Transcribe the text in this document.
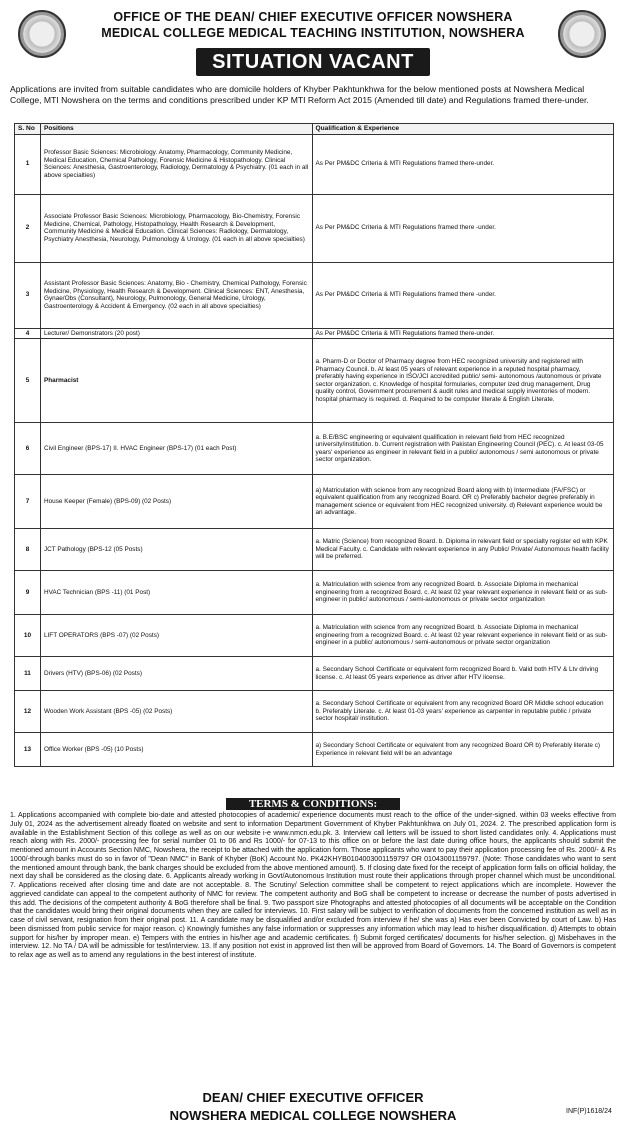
OFFICE OF THE DEAN/ CHIEF EXECUTIVE OFFICER NOWSHERA
MEDICAL COLLEGE MEDICAL TEACHING INSTITUTION, NOWSHERA
SITUATION VACANT
Applications are invited from suitable candidates who are domicile holders of Khyber Pakhtunkhwa for the below mentioned posts at Nowshera Medical College, MTI Nowshera on the terms and conditions prescribed under KP MTI Reform Act 2015 (Amended till date) and Regulations framed there-under.
S. No	Positions	Qualification & Experience
1	Professor Basic Sciences: Microbiology. Anatomy, Pharmacology, Community Medicine, Medical Education, Chemical Pathology, Forensic Medicine & Histopathology. Clinical Sciences: Anesthesia, Gastroenterology, Radiology, Dermatology & Psychiatry. (01 each in all above specialties)	As Per PM&DC Criteria & MTI Regulations framed there-under.
2	Associate Professor Basic Sciences: Microbiology, Pharmacology, Bio-Chemistry, Forensic Medicine, Chemical, Pathology, Histopathology, Health Research & Development, Community Medicine & Medical Education. Clinical Sciences: Radiology, Dermatology, Psychiatry Anesthesia, Neurology, Pulmonology & Urology. (01 each in all above specialties)	As Per PM&DC Criteria & MTI Regulations framed there -under.
3	Assistant Professor Basic Sciences: Anatomy, Bio - Chemistry, Chemical Pathology, Forensic Medicine, Physiology, Health Research & Development. Clinical Sciences: ENT, Anesthesia, Gynae/Obs (Consultant), Neurology, Pulmonology, General Medicine, Urology, Gastroenterology & Accident & Emergency. (02 each in all above specialties)	As Per PM&DC Criteria & MTI Regulations framed there -under.
4	Lecturer/ Demonstrators (20 post)	As Per PM&DC Criteria & MTI Regulations framed there-under.
5	Pharmacist	a. Pharm-D or Doctor of Pharmacy degree from HEC recognized university and registered with Pharmacy Council. b. At least 05 years of relevant experience in a reputed hospital pharmacy, preferably having experience in ISO/JCI accredited public/ semi- autonomous /autonomous or private sector organization. c. Knowledge of hospital formularies, computer ized drug management, Drug quality control, Government procurement & audit rules and medical supply inventories of modern. hospital pharmacy is required. d. Required to be computer literate & English Literate.
6	Civil Engineer (BPS-17) II. HVAC Engineer (BPS-17) (01 each Post)	a. B.E/BSC engineering or equivalent qualification in relevant field from HEC recognized university/institution. b. Current registration with Pakistan Engineering Council (PEC). c. At least 03-05 years' experience as engineer in relevant field in a public/ autonomous / semi autonomous or private sector organization.
7	House Keeper (Female) (BPS-09) (02 Posts)	a) Matriculation with science from any recognized Board along with b) Intermediate (FA/FSC) or equivalent qualification from any recognized Board. OR c) Preferably bachelor degree preferably in management science or equivalent from HEC recognized university. d) Relevant experience would be an advantage.
8	JCT Pathology (BPS-12 (05 Posts)	a. Matric (Science) from recognized Board. b. Diploma in relevant field or specialty register ed with KPK Medical Faculty. c. Candidate with relevant experience in any Public/ Private/ Autonomous health facility will be preferred.
9	HVAC Technician (BPS -11) (01 Post)	a. Matriculation with science from any recognized Board. b. Associate Diploma in mechanical engineering from a recognized Board. c. At least 02 year relevant experience in relevant field or as sub-engineer in public/ autonomous / semi-autonomous or private sector organization
10	LIFT OPERATORS (BPS -07) (02 Posts)	a. Matriculation with science from any recognized Board. b. Associate Diploma in mechanical engineering from a recognized Board. c. At least 02 year relevant experience in relevant field or as sub-engineer in a public/ autonomous / semi-autonomous or private sector organization
11	Drivers (HTV) (BPS-06) (02 Posts)	a. Secondary School Certificate or equivalent form recognized Board b. Valid both HTV & Ltv driving license. c. At least 05 years experience as driver after HTV license.
12	Wooden Work Assistant (BPS -05) (02 Posts)	a. Secondary School Certificate or equivalent from any recognized Board OR Middle school education b. Preferably Literate. c. At least 01-03 years' experience as carpenter in reputable public / private sector hospital/ institution.
13	Office Worker (BPS -05) (10 Posts)	a) Secondary School Certificate or equivalent from any recognized Board OR b) Preferably literate c) Experience in relevant field will be an advantage
TERMS & CONDITIONS:
1. Applications accompanied with complete bio-date and attested photocopies of academic/ experience documents must reach to the office of the under-signed. within 03 weeks effective from July 01, 2024 as the advertisement already floated on website and sent to information Department Government of Khyber Pakhtunkhwa on July 01, 2024. 2. The prescribed application form is available in the Establishment Section of this college as well as on our website i-e www.nmcn.edu.pk. 3. Interview call letters will be issued to short listed candidates only. 4. Applications must reach along with Rs. 2000/- processing fee for serial number 01 to 06 and Rs 1000/- for 07-13 to this office on or before the last date during office hours, the applicants should submit the mentioned amount in Accounts Section NMC, Nowshera, the receipt to be attached with the application form. Those applicants who want to pay their application processing fee of Rs. 2000/- & Rs 1000/-through banks must do so in favor of "Dean NMC" in Bank of Khyber (BoK) Account No. PK42KHYB0104003001159797 OR 01043001159797. (Note: Those candidates who want to sent the mentioned amount through bank, the bank charges should be excluded from the above mentioned amount). 5. If closing date fixed for the receipt of application form falls on official holiday, the next day shall be considered as the closing date. 6. Applicants already working in Govt/Autonomous Institution must route their applications through proper channel which must be unconditional. 7. Applications received after closing time and date are not acceptable. 8. The Scrutiny/ Selection committee shall be competent to reject applications which are incomplete. However the aggrieved candidate can appeal to the competent authority of NMC for review. The competent authority and BoG shall be competent to increase or decrease the number of posts advertised in this add. The decisions of the competent authority & BoG therefore shall be final. 9. Two passport size Photographs and attested photocopies of all documents will be acceptable on the Condition that the candidates would bring their original documents when they are called for interviews. 10. First salary will be subject to verification of documents from the concerned institution as well as in case of civil servant, resignation from their original post. 11. A candidate may be disqualified and/or excluded from interview if he/ she was a) Has ever been Convicted by court of Law. b) Has been dismissed from public service for major reason. c) Knowingly furnishes any false information or suppresses any information which may lead to his/her disqualification. d) Attempts to obtain support for his/her by improper mean. e) Tempers with the entries in his/her age and academic certificates. f) Submit forged certificates/ documents for his/her selection. g) Misbehaves in the interview. 12. No TA / DA will be admissible for test/interview. 13. If any position not exist in approved list then will be approved from Board of Governors. 14. The Board of Governors is competent to relax age as well as to amend any regulations in the best interest of institute.
DEAN/ CHIEF EXECUTIVE OFFICER
NOWSHERA MEDICAL COLLEGE NOWSHERA	INF(P)1618/24
